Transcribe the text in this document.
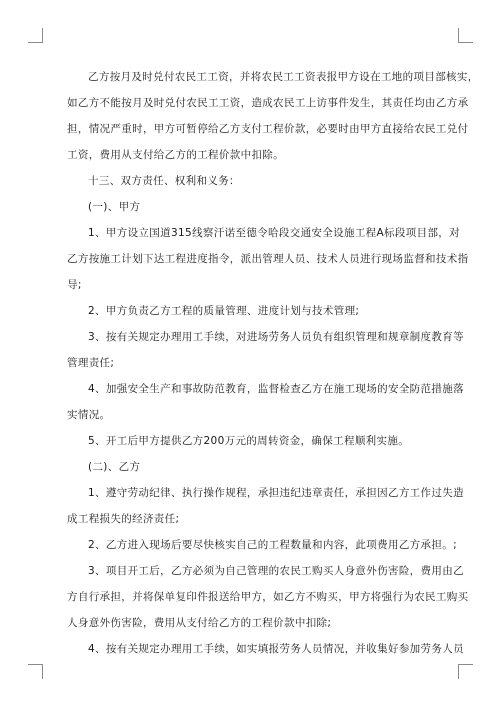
乙方按月及时兑付农民工工资，并将农民工工资表报甲方设在工地的项目部核实，
如乙方不能按月及时兑付农民工工资，造成农民工上访事件发生，其责任均由乙方承
担，情况严重时，甲方可暂停给乙方支付工程价款，必要时由甲方直接给农民工兑付
工资，费用从支付给乙方的工程价款中扣除。
十三、双方责任、权利和义务：
(一)、甲方
1、甲方设立国道315线察汗诺至德令哈段交通安全设施工程A标段项目部，对
乙方按施工计划下达工程进度指令，派出管理人员、技术人员进行现场监督和技术指
导;
2、甲方负责乙方工程的质量管理、进度计划与技术管理;
3、按有关规定办理用工手续，对进场劳务人员负有组织管理和规章制度教育等
管理责任;
4、加强安全生产和事故防范教育，监督检查乙方在施工现场的安全防范措施落
实情况。
5、开工后甲方提供乙方200万元的周转资金，确保工程顺利实施。
(二)、乙方
1、遵守劳动纪律、执行操作规程，承担违纪违章责任，承担因乙方工作过失造
成工程损失的经济责任;
2、乙方进入现场后要尽快核实自己的工程数量和内容，此项费用乙方承担。;
3、项目开工后，乙方必须为自己管理的农民工购买人身意外伤害险，费用由乙
方自行承担，并将保单复印件报送给甲方，如乙方不购买，甲方将强行为农民工购买
人身意外伤害险，费用从支付给乙方的工程价款中扣除;
4、按有关规定办理用工手续，如实填报劳务人员情况，并收集好参加劳务人员
